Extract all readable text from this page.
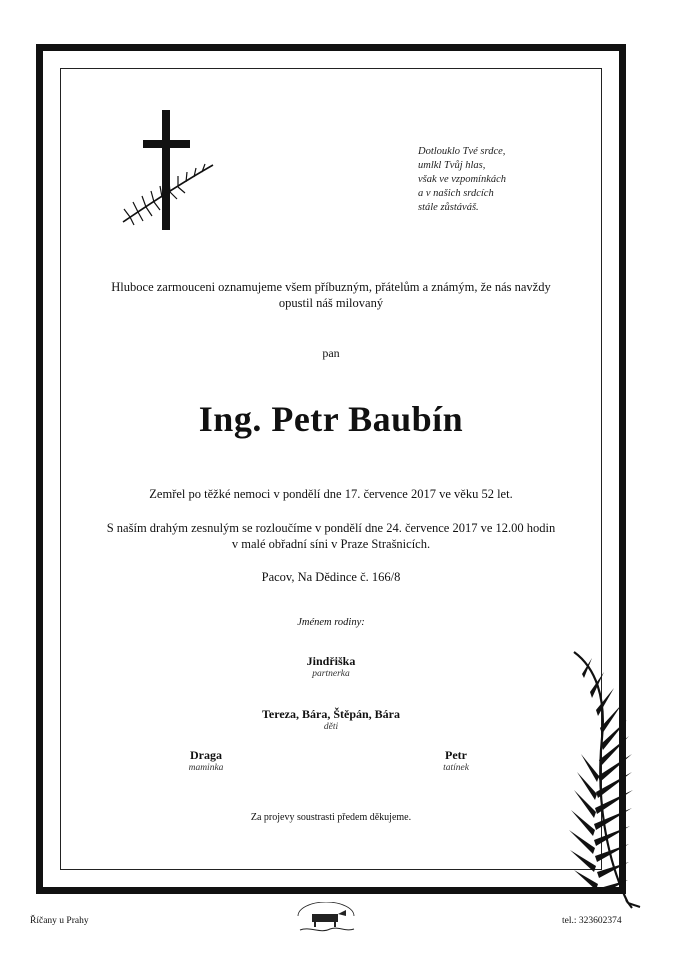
Dotlouklo Tvé srdce,
umlkl Tvůj hlas,
však ve vzpomínkách
a v našich srdcích
stále zůstáváš.
Hluboce zarmouceni oznamujeme všem příbuzným, přátelům a známým, že nás navždy
opustil náš milovaný
pan
Ing. Petr Baubín
Zemřel po těžké nemoci v pondělí dne 17. července 2017 ve věku 52 let.
S naším drahým zesnulým se rozloučíme v pondělí dne 24. července 2017 ve 12.00 hodin
v malé obřadní síni v Praze Strašnicích.
Pacov, Na Dědince č. 166/8
Jménem rodiny:
Jindřiška
partnerka
Tereza, Bára, Štěpán, Bára
děti
Draga
maminka
Petr
tatínek
Za projevy soustrasti předem děkujeme.
Říčany u Prahy	tel.: 323602374
